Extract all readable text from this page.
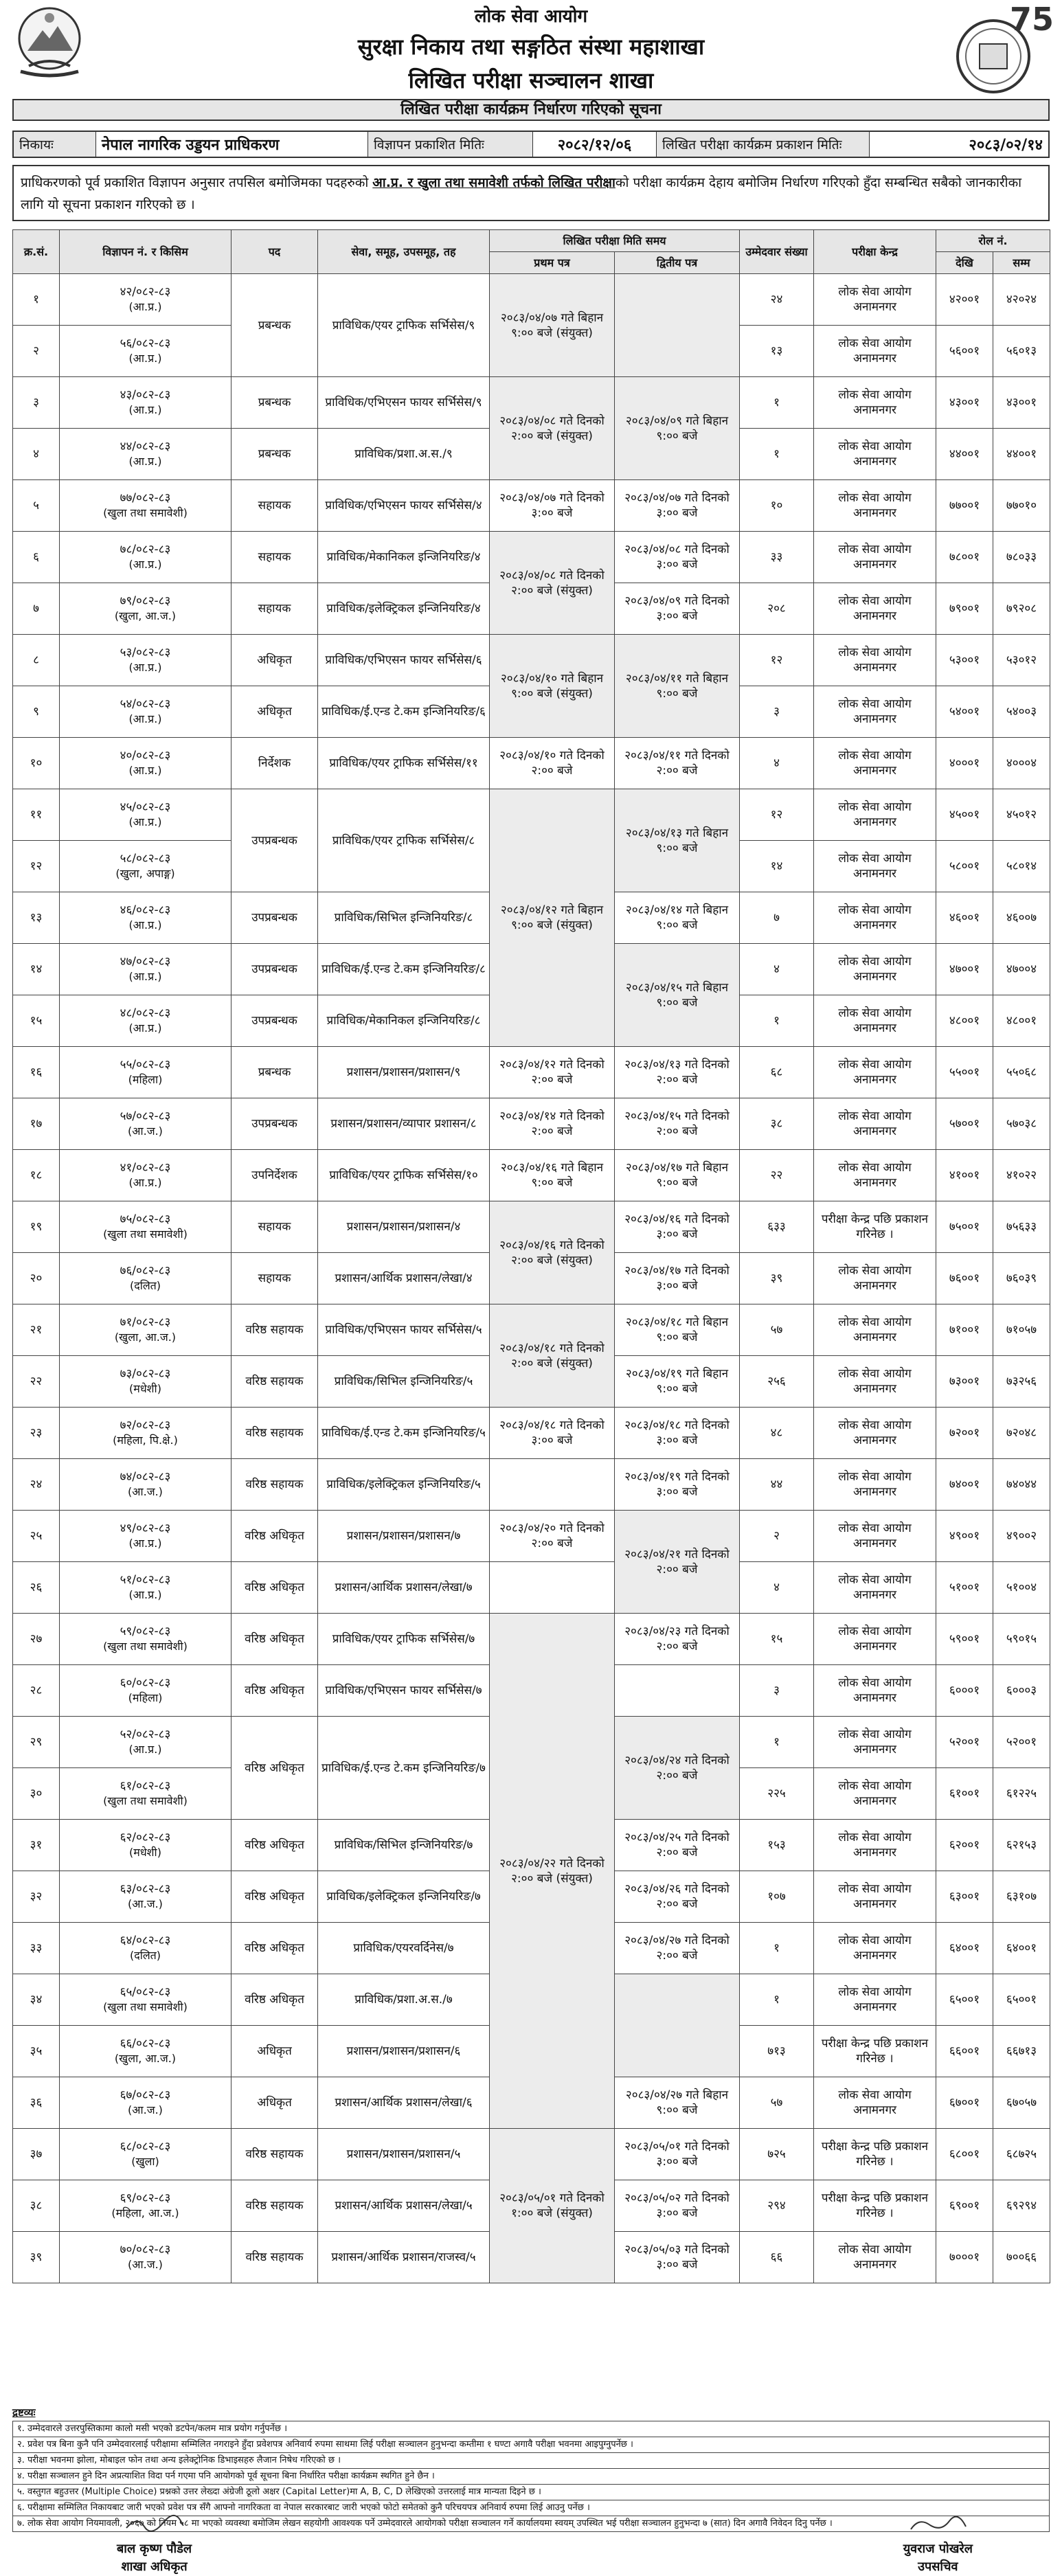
लोक सेवा आयोग
सुरक्षा निकाय तथा सङ्गठित संस्था महाशाखा
लिखित परीक्षा सञ्चालन शाखा
75
लिखित परीक्षा कार्यक्रम निर्धारण गरिएको सूचना
निकायः	नेपाल नागरिक उड्डयन प्राधिकरण	विज्ञापन प्रकाशित मितिः	२०८२/१२/०६	लिखित परीक्षा कार्यक्रम प्रकाशन मितिः	२०८३/०२/१४
प्राधिकरणको पूर्व प्रकाशित विज्ञापन अनुसार तपसिल बमोजिमका पदहरुको आ.प्र. र खुला तथा समावेशी तर्फको लिखित परीक्षाको परीक्षा कार्यक्रम देहाय बमोजिम निर्धारण गरिएको हुँदा सम्बन्धित सबैको जानकारीका लागि यो सूचना प्रकाशन गरिएको छ ।
क्र.सं.	विज्ञापन नं. र किसिम	पद	सेवा, समूह, उपसमूह, तह	लिखित परीक्षा मिति समय		उम्मेदवार संख्या	परीक्षा केन्द्र	रोल नं.	
				प्रथम पत्र	द्वितीय पत्र			देखि	सम्म
१	४२/०८२-८३
(आ.प्र.)	प्रबन्धक	प्राविधिक/एयर ट्राफिक सर्भिसेस/९	२०८३/०४/०७ गते बिहान ९:०० बजे (संयुक्त)		२४	लोक सेवा आयोग अनामनगर	४२००१	४२०२४
२	५६/०८२-८३
(आ.प्र.)					१३	लोक सेवा आयोग अनामनगर	५६००१	५६०१३
३	४३/०८२-८३
(आ.प्र.)	प्रबन्धक	प्राविधिक/एभिएसन फायर सर्भिसेस/९	२०८३/०४/०८ गते दिनको २:०० बजे (संयुक्त)	२०८३/०४/०९ गते बिहान ९:०० बजे	१	लोक सेवा आयोग अनामनगर	४३००१	४३००१
४	४४/०८२-८३
(आ.प्र.)	प्रबन्धक	प्राविधिक/प्रशा.अ.स./९			१	लोक सेवा आयोग अनामनगर	४४००१	४४००१
५	७७/०८२-८३
(खुला तथा समावेशी)	सहायक	प्राविधिक/एभिएसन फायर सर्भिसेस/४	२०८३/०४/०७ गते दिनको ३:०० बजे	२०८३/०४/०७ गते दिनको ३:०० बजे	१०	लोक सेवा आयोग अनामनगर	७७००१	७७०१०
६	७८/०८२-८३
(आ.प्र.)	सहायक	प्राविधिक/मेकानिकल इन्जिनियरिङ/४	२०८३/०४/०८ गते दिनको २:०० बजे (संयुक्त)	२०८३/०४/०८ गते दिनको ३:०० बजे	३३	लोक सेवा आयोग अनामनगर	७८००१	७८०३३
७	७९/०८२-८३
(खुला, आ.ज.)	सहायक	प्राविधिक/इलेक्ट्रिकल इन्जिनियरिङ/४		२०८३/०४/०९ गते दिनको ३:०० बजे	२०८	लोक सेवा आयोग अनामनगर	७९००१	७९२०८
८	५३/०८२-८३
(आ.प्र.)	अधिकृत	प्राविधिक/एभिएसन फायर सर्भिसेस/६	२०८३/०४/१० गते बिहान ९:०० बजे (संयुक्त)	२०८३/०४/११ गते बिहान ९:०० बजे	१२	लोक सेवा आयोग अनामनगर	५३००१	५३०१२
९	५४/०८२-८३
(आ.प्र.)	अधिकृत	प्राविधिक/ई.एन्ड टे.कम इन्जिनियरिङ/६			३	लोक सेवा आयोग अनामनगर	५४००१	५४००३
१०	४०/०८२-८३
(आ.प्र.)	निर्देशक	प्राविधिक/एयर ट्राफिक सर्भिसेस/११	२०८३/०४/१० गते दिनको २:०० बजे	२०८३/०४/११ गते दिनको २:०० बजे	४	लोक सेवा आयोग अनामनगर	४०००१	४०००४
११	४५/०८२-८३
(आ.प्र.)	उपप्रबन्धक	प्राविधिक/एयर ट्राफिक सर्भिसेस/८	२०८३/०४/१२ गते बिहान ९:०० बजे (संयुक्त)	२०८३/०४/१३ गते बिहान ९:०० बजे	१२	लोक सेवा आयोग अनामनगर	४५००१	४५०१२
१२	५८/०८२-८३
(खुला, अपाङ्ग)					१४	लोक सेवा आयोग अनामनगर	५८००१	५८०१४
१३	४६/०८२-८३
(आ.प्र.)	उपप्रबन्धक	प्राविधिक/सिभिल इन्जिनियरिङ/८		२०८३/०४/१४ गते बिहान ९:०० बजे	७	लोक सेवा आयोग अनामनगर	४६००१	४६००७
१४	४७/०८२-८३
(आ.प्र.)	उपप्रबन्धक	प्राविधिक/ई.एन्ड टे.कम इन्जिनियरिङ/८		२०८३/०४/१५ गते बिहान ९:०० बजे	४	लोक सेवा आयोग अनामनगर	४७००१	४७००४
१५	४८/०८२-८३
(आ.प्र.)	उपप्रबन्धक	प्राविधिक/मेकानिकल इन्जिनियरिङ/८			१	लोक सेवा आयोग अनामनगर	४८००१	४८००१
१६	५५/०८२-८३
(महिला)	प्रबन्धक	प्रशासन/प्रशासन/प्रशासन/९	२०८३/०४/१२ गते दिनको २:०० बजे	२०८३/०४/१३ गते दिनको २:०० बजे	६८	लोक सेवा आयोग अनामनगर	५५००१	५५०६८
१७	५७/०८२-८३
(आ.ज.)	उपप्रबन्धक	प्रशासन/प्रशासन/व्यापार प्रशासन/८	२०८३/०४/१४ गते दिनको २:०० बजे	२०८३/०४/१५ गते दिनको २:०० बजे	३८	लोक सेवा आयोग अनामनगर	५७००१	५७०३८
१८	४१/०८२-८३
(आ.प्र.)	उपनिर्देशक	प्राविधिक/एयर ट्राफिक सर्भिसेस/१०	२०८३/०४/१६ गते बिहान ९:०० बजे	२०८३/०४/१७ गते बिहान ९:०० बजे	२२	लोक सेवा आयोग अनामनगर	४१००१	४१०२२
१९	७५/०८२-८३
(खुला तथा समावेशी)	सहायक	प्रशासन/प्रशासन/प्रशासन/४	२०८३/०४/१६ गते दिनको २:०० बजे (संयुक्त)	२०८३/०४/१६ गते दिनको ३:०० बजे	६३३	परीक्षा केन्द्र पछि प्रकाशन गरिनेछ ।	७५००१	७५६३३
२०	७६/०८२-८३
(दलित)	सहायक	प्रशासन/आर्थिक प्रशासन/लेखा/४		२०८३/०४/१७ गते दिनको ३:०० बजे	३९	लोक सेवा आयोग अनामनगर	७६००१	७६०३९
२१	७१/०८२-८३
(खुला, आ.ज.)	वरिष्ठ सहायक	प्राविधिक/एभिएसन फायर सर्भिसेस/५	२०८३/०४/१८ गते दिनको २:०० बजे (संयुक्त)	२०८३/०४/१८ गते बिहान ९:०० बजे	५७	लोक सेवा आयोग अनामनगर	७१००१	७१०५७
२२	७३/०८२-८३
(मधेशी)	वरिष्ठ सहायक	प्राविधिक/सिभिल इन्जिनियरिङ/५		२०८३/०४/१९ गते बिहान ९:०० बजे	२५६	लोक सेवा आयोग अनामनगर	७३००१	७३२५६
२३	७२/०८२-८३
(महिला, पि.क्षे.)	वरिष्ठ सहायक	प्राविधिक/ई.एन्ड टे.कम इन्जिनियरिङ/५	२०८३/०४/१८ गते दिनको ३:०० बजे	२०८३/०४/१८ गते दिनको ३:०० बजे	४८	लोक सेवा आयोग अनामनगर	७२००१	७२०४८
२४	७४/०८२-८३
(आ.ज.)	वरिष्ठ सहायक	प्राविधिक/इलेक्ट्रिकल इन्जिनियरिङ/५		२०८३/०४/१९ गते दिनको ३:०० बजे	४४	लोक सेवा आयोग अनामनगर	७४००१	७४०४४
२५	४९/०८२-८३
(आ.प्र.)	वरिष्ठ अधिकृत	प्रशासन/प्रशासन/प्रशासन/७	२०८३/०४/२० गते दिनको २:०० बजे	२०८३/०४/२१ गते दिनको २:०० बजे	२	लोक सेवा आयोग अनामनगर	४९००१	४९००२
२६	५१/०८२-८३
(आ.प्र.)	वरिष्ठ अधिकृत	प्रशासन/आर्थिक प्रशासन/लेखा/७			४	लोक सेवा आयोग अनामनगर	५१००१	५१००४
२७	५९/०८२-८३
(खुला तथा समावेशी)	वरिष्ठ अधिकृत	प्राविधिक/एयर ट्राफिक सर्भिसेस/७	२०८३/०४/२२ गते दिनको २:०० बजे (संयुक्त)	२०८३/०४/२३ गते दिनको २:०० बजे	१५	लोक सेवा आयोग अनामनगर	५९००१	५९०१५
२८	६०/०८२-८३
(महिला)	वरिष्ठ अधिकृत	प्राविधिक/एभिएसन फायर सर्भिसेस/७			३	लोक सेवा आयोग अनामनगर	६०००१	६०००३
२९	५२/०८२-८३
(आ.प्र.)	वरिष्ठ अधिकृत	प्राविधिक/ई.एन्ड टे.कम इन्जिनियरिङ/७		२०८३/०४/२४ गते दिनको २:०० बजे	१	लोक सेवा आयोग अनामनगर	५२००१	५२००१
३०	६१/०८२-८३
(खुला तथा समावेशी)					२२५	लोक सेवा आयोग अनामनगर	६१००१	६१२२५
३१	६२/०८२-८३
(मधेशी)	वरिष्ठ अधिकृत	प्राविधिक/सिभिल इन्जिनियरिङ/७		२०८३/०४/२५ गते दिनको २:०० बजे	१५३	लोक सेवा आयोग अनामनगर	६२००१	६२१५३
३२	६३/०८२-८३
(आ.ज.)	वरिष्ठ अधिकृत	प्राविधिक/इलेक्ट्रिकल इन्जिनियरिङ/७		२०८३/०४/२६ गते दिनको २:०० बजे	१०७	लोक सेवा आयोग अनामनगर	६३००१	६३१०७
३३	६४/०८२-८३
(दलित)	वरिष्ठ अधिकृत	प्राविधिक/एयरवर्दिनेस/७		२०८३/०४/२७ गते दिनको २:०० बजे	१	लोक सेवा आयोग अनामनगर	६४००१	६४००१
३४	६५/०८२-८३
(खुला तथा समावेशी)	वरिष्ठ अधिकृत	प्राविधिक/प्रशा.अ.स./७			१	लोक सेवा आयोग अनामनगर	६५००१	६५००१
३५	६६/०८२-८३
(खुला, आ.ज.)	अधिकृत	प्रशासन/प्रशासन/प्रशासन/६			७१३	परीक्षा केन्द्र पछि प्रकाशन गरिनेछ ।	६६००१	६६७१३
३६	६७/०८२-८३
(आ.ज.)	अधिकृत	प्रशासन/आर्थिक प्रशासन/लेखा/६		२०८३/०४/२७ गते बिहान ९:०० बजे	५७	लोक सेवा आयोग अनामनगर	६७००१	६७०५७
३७	६८/०८२-८३
(खुला)	वरिष्ठ सहायक	प्रशासन/प्रशासन/प्रशासन/५	२०८३/०५/०१ गते दिनको १:०० बजे (संयुक्त)	२०८३/०५/०१ गते दिनको ३:०० बजे	७२५	परीक्षा केन्द्र पछि प्रकाशन गरिनेछ ।	६८००१	६८७२५
३८	६९/०८२-८३
(महिला, आ.ज.)	वरिष्ठ सहायक	प्रशासन/आर्थिक प्रशासन/लेखा/५		२०८३/०५/०२ गते दिनको ३:०० बजे	२९४	परीक्षा केन्द्र पछि प्रकाशन गरिनेछ ।	६९००१	६९२९४
३९	७०/०८२-८३
(आ.ज.)	वरिष्ठ सहायक	प्रशासन/आर्थिक प्रशासन/राजस्व/५		२०८३/०५/०३ गते दिनको ३:०० बजे	६६	लोक सेवा आयोग अनामनगर	७०००१	७००६६
द्रष्टव्यः
१. उम्मेदवारले उत्तरपुस्तिकामा कालो मसी भएको डटपेन/कलम मात्र प्रयोग गर्नुपर्नेछ ।
२. प्रवेश पत्र बिना कुनै पनि उम्मेदवारलाई परीक्षामा सम्मिलित नगराइने हुँदा प्रवेशपत्र अनिवार्य रुपमा साथमा लिई परीक्षा सञ्चालन हुनुभन्दा कम्तीमा १ घण्टा अगावै परीक्षा भवनमा आइपुग्नुपर्नेछ ।
३. परीक्षा भवनमा झोला, मोबाइल फोन तथा अन्य इलेक्ट्रोनिक डिभाइसहरु लैजान निषेध गरिएको छ ।
४. परीक्षा सञ्चालन हुने दिन अप्रत्याशित विदा पर्न गएमा पनि आयोगको पूर्व सूचना बिना निर्धारित परीक्षा कार्यक्रम स्थगित हुने छैन ।
५. वस्तुगत बहुउत्तर (Multiple Choice) प्रश्नको उत्तर लेख्दा अंग्रेजी ठूलो अक्षर (Capital Letter)मा A, B, C, D लेखिएको उत्तरलाई मात्र मान्यता दिइने छ ।
६. परीक्षामा सम्मिलित निकायबाट जारी भएको प्रवेश पत्र सँगै आफ्नो नागरिकता वा नेपाल सरकारबाट जारी भएको फोटो समेतको कुनै परिचयपत्र अनिवार्य रुपमा लिई आउनु पर्नेछ ।
७. लोक सेवा आयोग नियमावली, २०६७ को नियम ५८ मा भएको व्यवस्था बमोजिम लेखन सहयोगी आवश्यक पर्ने उम्मेदवारले आयोगको परीक्षा सञ्चालन गर्ने कार्यालयमा स्वयम् उपस्थित भई परीक्षा सञ्चालन हुनुभन्दा ७ (सात) दिन अगावै निवेदन दिनु पर्नेछ ।
बाल कृष्ण पौडेल
शाखा अधिकृत
युवराज पोखरेल
उपसचिव
